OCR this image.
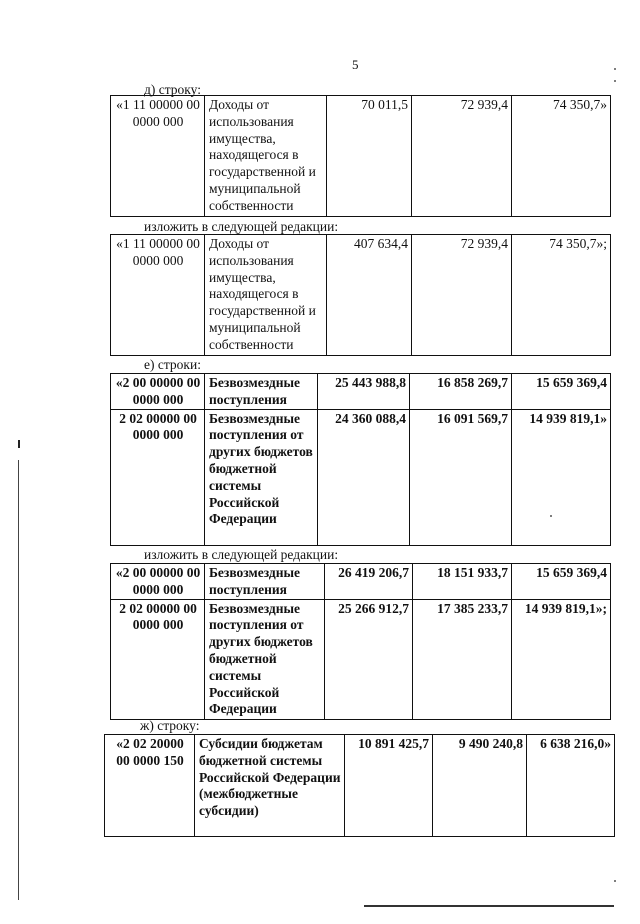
5
д) строку:
«1 11 00000 00 0000 000	Доходы от использования имущества, находящегося в государственной и муниципальной собственности	70 011,5	72 939,4	74 350,7»
изложить в следующей редакции:
«1 11 00000 00 0000 000	Доходы от использования имущества, находящегося в государственной и муниципальной собственности	407 634,4	72 939,4	74 350,7»;
е) строки:
«2 00 00000 00 0000 000	Безвозмездные поступления	25 443 988,8	16 858 269,7	15 659 369,4
2 02 00000 00 0000 000	Безвозмездные поступления от других бюджетов бюджетной системы Российской Федерации	24 360 088,4	16 091 569,7	14 939 819,1»
изложить в следующей редакции:
«2 00 00000 00 0000 000	Безвозмездные поступления	26 419 206,7	18 151 933,7	15 659 369,4
2 02 00000 00 0000 000	Безвозмездные поступления от других бюджетов бюджетной системы Российской Федерации	25 266 912,7	17 385 233,7	14 939 819,1»;
ж) строку:
«2 02 20000 00 0000 150	Субсидии бюджетам бюджетной системы Российской Федерации (межбюджетные субсидии)	10 891 425,7	9 490 240,8	6 638 216,0»
